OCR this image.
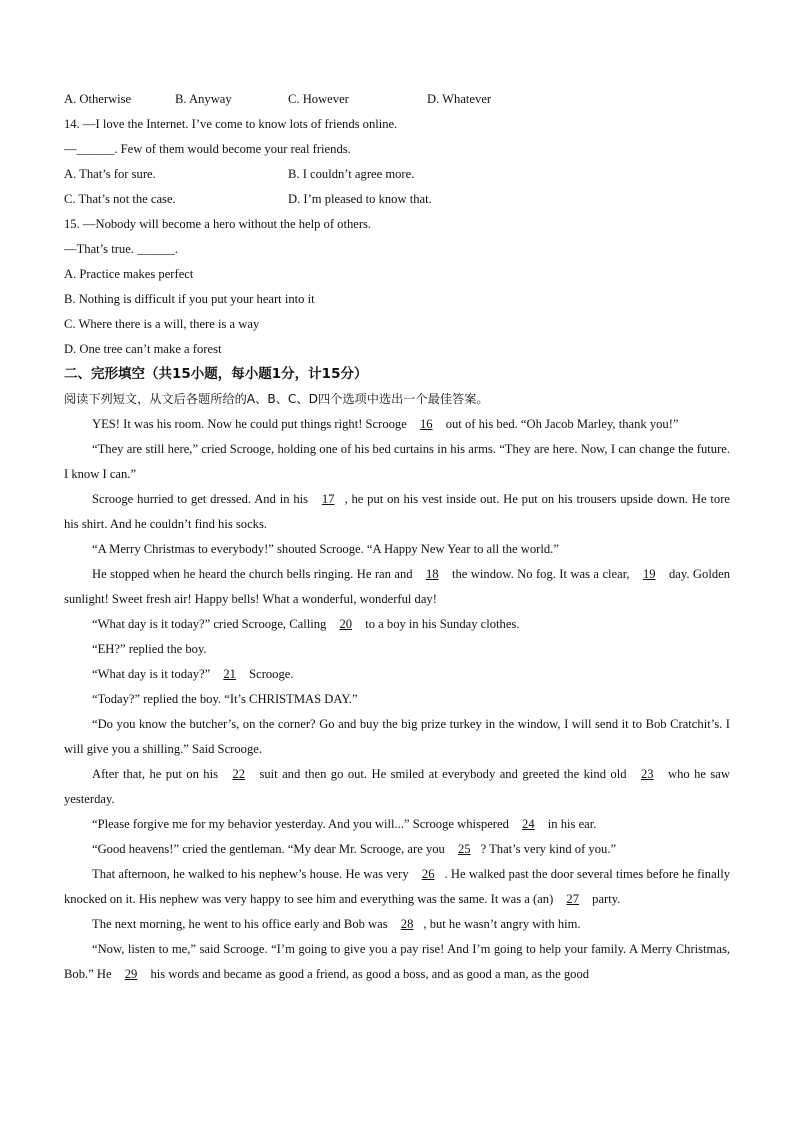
A. Otherwise	B. Anyway	C. However	D. Whatever
14. —I love the Internet. I’ve come to know lots of friends online.
—______. Few of them would become your real friends.
A. That’s for sure.	B. I couldn’t agree more.
C. That’s not the case.	D. I’m pleased to know that.
15. —Nobody will become a hero without the help of others.
—That’s true. ______.
A. Practice makes perfect
B. Nothing is difficult if you put your heart into it
C. Where there is a will, there is a way
D. One tree can’t make a forest
二、完形填空（共15小题，每小题1分，计15分）
阅读下列短文，从文后各题所给的A、B、C、D四个选项中选出一个最佳答案。

YES! It was his room. Now he could put things right! Scrooge 16 out of his bed. “Oh Jacob Marley, thank you!”

“They are still here,” cried Scrooge, holding one of his bed curtains in his arms. “They are here. Now, I can change the future. I know I can.”

Scrooge hurried to get dressed. And in his 17 , he put on his vest inside out. He put on his trousers upside down. He tore his shirt. And he couldn’t find his socks.

“A Merry Christmas to everybody!” shouted Scrooge. “A Happy New Year to all the world.”

He stopped when he heard the church bells ringing. He ran and 18 the window. No fog. It was a clear, 19 day. Golden sunlight! Sweet fresh air! Happy bells! What a wonderful, wonderful day!

“What day is it today?” cried Scrooge, Calling 20 to a boy in his Sunday clothes.

“EH?” replied the boy.

“What day is it today?” 21 Scrooge.

“Today?” replied the boy. “It’s CHRISTMAS DAY.”

“Do you know the butcher’s, on the corner? Go and buy the big prize turkey in the window, I will send it to Bob Cratchit’s. I will give you a shilling.” Said Scrooge.

After that, he put on his 22 suit and then go out. He smiled at everybody and greeted the kind old 23 who he saw yesterday.

“Please forgive me for my behavior yesterday. And you will...” Scrooge whispered 24 in his ear.

“Good heavens!” cried the gentleman. “My dear Mr. Scrooge, are you 25 ? That’s very kind of you.”

That afternoon, he walked to his nephew’s house. He was very 26 . He walked past the door several times before he finally knocked on it. His nephew was very happy to see him and everything was the same. It was a (an) 27 party.

The next morning, he went to his office early and Bob was 28 , but he wasn’t angry with him.

“Now, listen to me,” said Scrooge. “I’m going to give you a pay rise! And I’m going to help your family. A Merry Christmas, Bob.” He 29 his words and became as good a friend, as good a boss, and as good a man, as the good
